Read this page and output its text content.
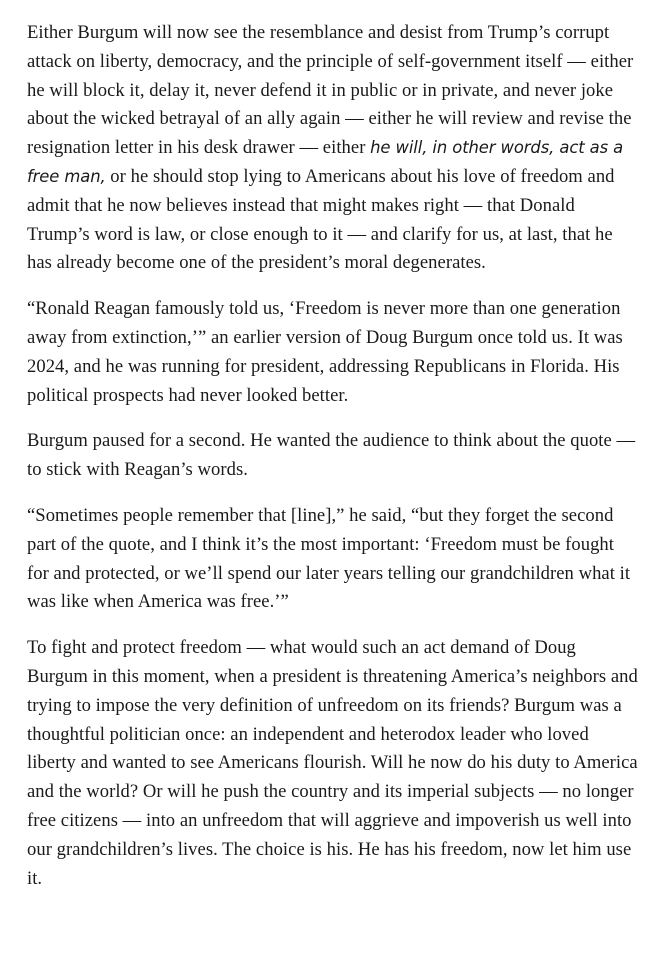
Either Burgum will now see the resemblance and desist from Trump’s corrupt attack on liberty, democracy, and the principle of self-government itself — either he will block it, delay it, never defend it in public or in private, and never joke about the wicked betrayal of an ally again — either he will review and revise the resignation letter in his desk drawer — either he will, in other words, act as a free man, or he should stop lying to Americans about his love of freedom and admit that he now believes instead that might makes right — that Donald Trump’s word is law, or close enough to it — and clarify for us, at last, that he has already become one of the president’s moral degenerates.

“Ronald Reagan famously told us, ‘Freedom is never more than one generation away from extinction,’” an earlier version of Doug Burgum once told us. It was 2024, and he was running for president, addressing Republicans in Florida. His political prospects had never looked better.

Burgum paused for a second. He wanted the audience to think about the quote — to stick with Reagan’s words.

“Sometimes people remember that [line],” he said, “but they forget the second part of the quote, and I think it’s the most important: ‘Freedom must be fought for and protected, or we’ll spend our later years telling our grandchildren what it was like when America was free.’”

To fight and protect freedom — what would such an act demand of Doug Burgum in this moment, when a president is threatening America’s neighbors and trying to impose the very definition of unfreedom on its friends? Burgum was a thoughtful politician once: an independent and heterodox leader who loved liberty and wanted to see Americans flourish. Will he now do his duty to America and the world? Or will he push the country and its imperial subjects — no longer free citizens — into an unfreedom that will aggrieve and impoverish us well into our grandchildren’s lives. The choice is his. He has his freedom, now let him use it.
